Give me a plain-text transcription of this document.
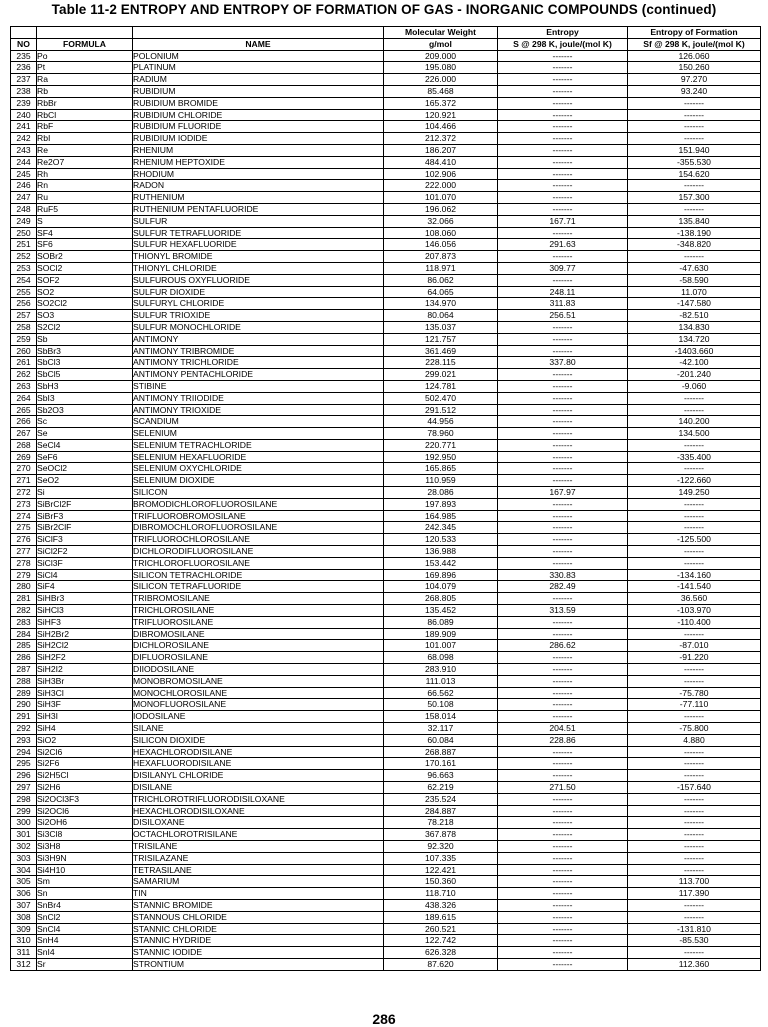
Table 11-2 ENTROPY AND ENTROPY OF FORMATION OF GAS - INORGANIC COMPOUNDS (continued)
			Molecular Weight	Entropy	Entropy of Formation
NO	FORMULA	NAME	g/mol	S @ 298 K, joule/(mol K)	Sf @ 298 K, joule/(mol K)
235	Po	POLONIUM	209.000	-------	126.060
236	Pt	PLATINUM	195.080	-------	150.260
237	Ra	RADIUM	226.000	-------	97.270
238	Rb	RUBIDIUM	85.468	-------	93.240
239	RbBr	RUBIDIUM BROMIDE	165.372	-------	-------
240	RbCl	RUBIDIUM CHLORIDE	120.921	-------	-------
241	RbF	RUBIDIUM FLUORIDE	104.466	-------	-------
242	RbI	RUBIDIUM IODIDE	212.372	-------	-------
243	Re	RHENIUM	186.207	-------	151.940
244	Re2O7	RHENIUM HEPTOXIDE	484.410	-------	-355.530
245	Rh	RHODIUM	102.906	-------	154.620
246	Rn	RADON	222.000	-------	-------
247	Ru	RUTHENIUM	101.070	-------	157.300
248	RuF5	RUTHENIUM PENTAFLUORIDE	196.062	-------	-------
249	S	SULFUR	32.066	167.71	135.840
250	SF4	SULFUR TETRAFLUORIDE	108.060	-------	-138.190
251	SF6	SULFUR HEXAFLUORIDE	146.056	291.63	-348.820
252	SOBr2	THIONYL BROMIDE	207.873	-------	-------
253	SOCl2	THIONYL CHLORIDE	118.971	309.77	-47.630
254	SOF2	SULFUROUS OXYFLUORIDE	86.062	-------	-58.590
255	SO2	SULFUR DIOXIDE	64.065	248.11	11.070
256	SO2Cl2	SULFURYL CHLORIDE	134.970	311.83	-147.580
257	SO3	SULFUR TRIOXIDE	80.064	256.51	-82.510
258	S2Cl2	SULFUR MONOCHLORIDE	135.037	-------	134.830
259	Sb	ANTIMONY	121.757	-------	134.720
260	SbBr3	ANTIMONY TRIBROMIDE	361.469	-------	-1403.660
261	SbCl3	ANTIMONY TRICHLORIDE	228.115	337.80	-42.100
262	SbCl5	ANTIMONY PENTACHLORIDE	299.021	-------	-201.240
263	SbH3	STIBINE	124.781	-------	-9.060
264	SbI3	ANTIMONY TRIIODIDE	502.470	-------	-------
265	Sb2O3	ANTIMONY TRIOXIDE	291.512	-------	-------
266	Sc	SCANDIUM	44.956	-------	140.200
267	Se	SELENIUM	78.960	-------	134.500
268	SeCl4	SELENIUM TETRACHLORIDE	220.771	-------	-------
269	SeF6	SELENIUM HEXAFLUORIDE	192.950	-------	-335.400
270	SeOCl2	SELENIUM OXYCHLORIDE	165.865	-------	-------
271	SeO2	SELENIUM DIOXIDE	110.959	-------	-122.660
272	Si	SILICON	28.086	167.97	149.250
273	SiBrCl2F	BROMODICHLOROFLUOROSILANE	197.893	-------	-------
274	SiBrF3	TRIFLUOROBROMOSILANE	164.985	-------	-------
275	SiBr2ClF	DIBROMOCHLOROFLUOROSILANE	242.345	-------	-------
276	SiClF3	TRIFLUOROCHLOROSILANE	120.533	-------	-125.500
277	SiCl2F2	DICHLORODIFLUOROSILANE	136.988	-------	-------
278	SiCl3F	TRICHLOROFLUOROSILANE	153.442	-------	-------
279	SiCl4	SILICON TETRACHLORIDE	169.896	330.83	-134.160
280	SiF4	SILICON TETRAFLUORIDE	104.079	282.49	-141.540
281	SiHBr3	TRIBROMOSILANE	268.805	-------	36.560
282	SiHCl3	TRICHLOROSILANE	135.452	313.59	-103.970
283	SiHF3	TRIFLUOROSILANE	86.089	-------	-110.400
284	SiH2Br2	DIBROMOSILANE	189.909	-------	-------
285	SiH2Cl2	DICHLOROSILANE	101.007	286.62	-87.010
286	SiH2F2	DIFLUOROSILANE	68.098	-------	-91.220
287	SiH2I2	DIIODOSILANE	283.910	-------	-------
288	SiH3Br	MONOBROMOSILANE	111.013	-------	-------
289	SiH3Cl	MONOCHLOROSILANE	66.562	-------	-75.780
290	SiH3F	MONOFLUOROSILANE	50.108	-------	-77.110
291	SiH3I	IODOSILANE	158.014	-------	-------
292	SiH4	SILANE	32.117	204.51	-75.800
293	SiO2	SILICON DIOXIDE	60.084	228.86	4.880
294	Si2Cl6	HEXACHLORODISILANE	268.887	-------	-------
295	Si2F6	HEXAFLUORODISILANE	170.161	-------	-------
296	Si2H5Cl	DISILANYL CHLORIDE	96.663	-------	-------
297	Si2H6	DISILANE	62.219	271.50	-157.640
298	Si2OCl3F3	TRICHLOROTRIFLUORODISILOXANE	235.524	-------	-------
299	Si2OCl6	HEXACHLORODISILOXANE	284.887	-------	-------
300	Si2OH6	DISILOXANE	78.218	-------	-------
301	Si3Cl8	OCTACHLOROTRISILANE	367.878	-------	-------
302	Si3H8	TRISILANE	92.320	-------	-------
303	Si3H9N	TRISILAZANE	107.335	-------	-------
304	Si4H10	TETRASILANE	122.421	-------	-------
305	Sm	SAMARIUM	150.360	-------	113.700
306	Sn	TIN	118.710	-------	117.390
307	SnBr4	STANNIC BROMIDE	438.326	-------	-------
308	SnCl2	STANNOUS CHLORIDE	189.615	-------	-------
309	SnCl4	STANNIC CHLORIDE	260.521	-------	-131.810
310	SnH4	STANNIC HYDRIDE	122.742	-------	-85.530
311	SnI4	STANNIC IODIDE	626.328	-------	-------
312	Sr	STRONTIUM	87.620	-------	112.360
286
